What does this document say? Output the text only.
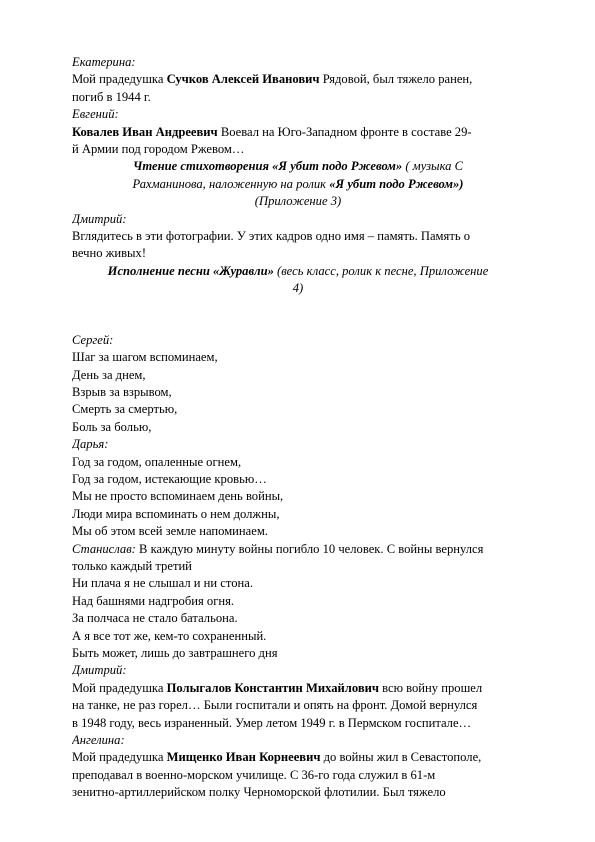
Екатерина:
Мой прадедушка Сучков Алексей Иванович Рядовой, был тяжело ранен,
погиб в 1944 г.
Евгений:
Ковалев Иван Андреевич Воевал на Юго-Западном фронте в составе 29-
й Армии под городом Ржевом…
Чтение стихотворения «Я убит подо Ржевом» ( музыка С
Рахманинова, наложенную на ролик «Я убит подо Ржевом»)
(Приложение 3)
Дмитрий:
Вглядитесь в эти фотографии. У этих кадров одно имя – память. Память о
вечно живых!
Исполнение песни «Журавли» (весь класс, ролик к песне, Приложение
4)
Сергей:
Шаг за шагом вспоминаем,
День за днем,
Взрыв за взрывом,
Смерть за смертью,
Боль за болью,
Дарья:
Год за годом, опаленные огнем,
Год за годом, истекающие кровью…
Мы не просто вспоминаем день войны,
Люди мира вспоминать о нем должны,
Мы об этом всей земле напоминаем.
Станислав: В каждую минуту войны погибло 10 человек. С войны вернулся
только каждый третий
Ни плача я не слышал и ни стона.
Над башнями надгробия огня.
За полчаса не стало батальона.
А я все тот же, кем-то сохраненный.
Быть может, лишь до завтрашнего дня
Дмитрий:
Мой прадедушка Полыгалов Константин Михайлович всю войну прошел
на танке, не раз горел… Были госпитали и опять на фронт. Домой вернулся
в 1948 году, весь израненный. Умер летом 1949 г. в Пермском госпитале…
Ангелина:
Мой прадедушка Мищенко Иван Корнеевич до войны жил в Севастополе,
преподавал в военно-морском училище. С 36-го года служил в 61-м
зенитно-артиллерийском полку Черноморской флотилии. Был тяжело
